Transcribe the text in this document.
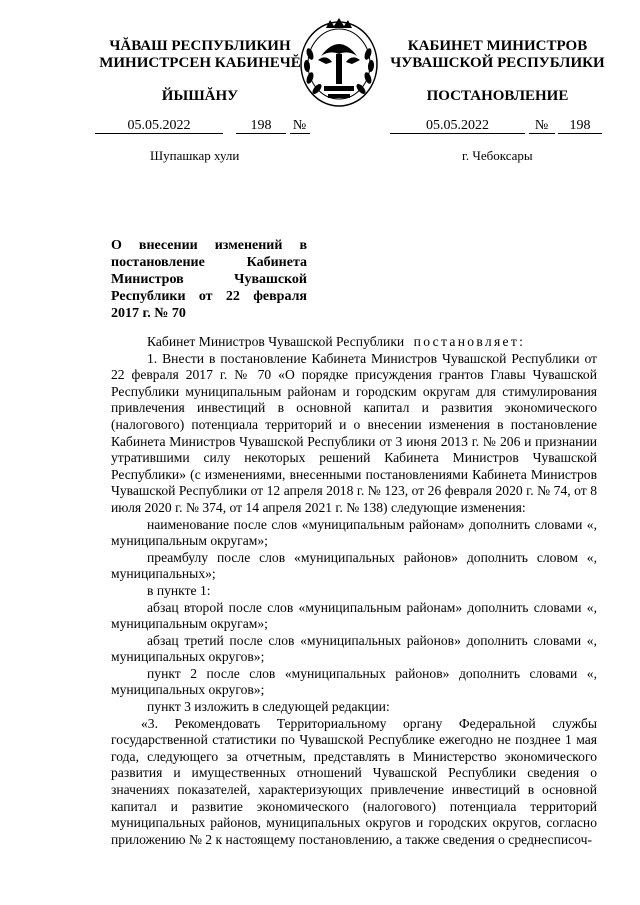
ЧĂВАШ РЕСПУБЛИКИН
МИНИСТРСЕН КАБИНЕЧĔ
ЙЫШĂНУ
КАБИНЕТ МИНИСТРОВ
ЧУВАШСКОЙ РЕСПУБЛИКИ
ПОСТАНОВЛЕНИЕ
05.05.2022	198 №	05.05.2022	№ 198
Шупашкар хули	г. Чебоксары
О внесении изменений в постановление Кабинета Министров Чувашской Республики от 22 февраля 2017 г. № 70

Кабинет Министров Чувашской Республики постановляет:

1. Внести в постановление Кабинета Министров Чувашской Республики от 22 февраля 2017 г. № 70 «О порядке присуждения грантов Главы Чувашской Республики муниципальным районам и городским округам для стимулирования привлечения инвестиций в основной капитал и развития экономического (налогового) потенциала территорий и о внесении изменения в постановление Кабинета Министров Чувашской Республики от 3 июня 2013 г. № 206 и признании утратившими силу некоторых решений Кабинета Министров Чувашской Республики» (с изменениями, внесенными постановлениями Кабинета Министров Чувашской Республики от 12 апреля 2018 г. № 123, от 26 февраля 2020 г. № 74, от 8 июля 2020 г. № 374, от 14 апреля 2021 г. № 138) следующие изменения:

наименование после слов «муниципальным районам» дополнить словами «, муниципальным округам»;

преамбулу после слов «муниципальных районов» дополнить словом «, муниципальных»;

в пункте 1:

абзац второй после слов «муниципальным районам» дополнить словами «, муниципальным округам»;

абзац третий после слов «муниципальных районов» дополнить словами «, муниципальных округов»;

пункт 2 после слов «муниципальных районов» дополнить словами «, муниципальных округов»;

пункт 3 изложить в следующей редакции:

«3. Рекомендовать Территориальному органу Федеральной службы государственной статистики по Чувашской Республике ежегодно не позднее 1 мая года, следующего за отчетным, представлять в Министерство экономического развития и имущественных отношений Чувашской Республики сведения о значениях показателей, характеризующих привлечение инвестиций в основной капитал и развитие экономического (налогового) потенциала территорий муниципальных районов, муниципальных округов и городских округов, согласно приложению № 2 к настоящему постановлению, а также сведения о среднесписоч-
